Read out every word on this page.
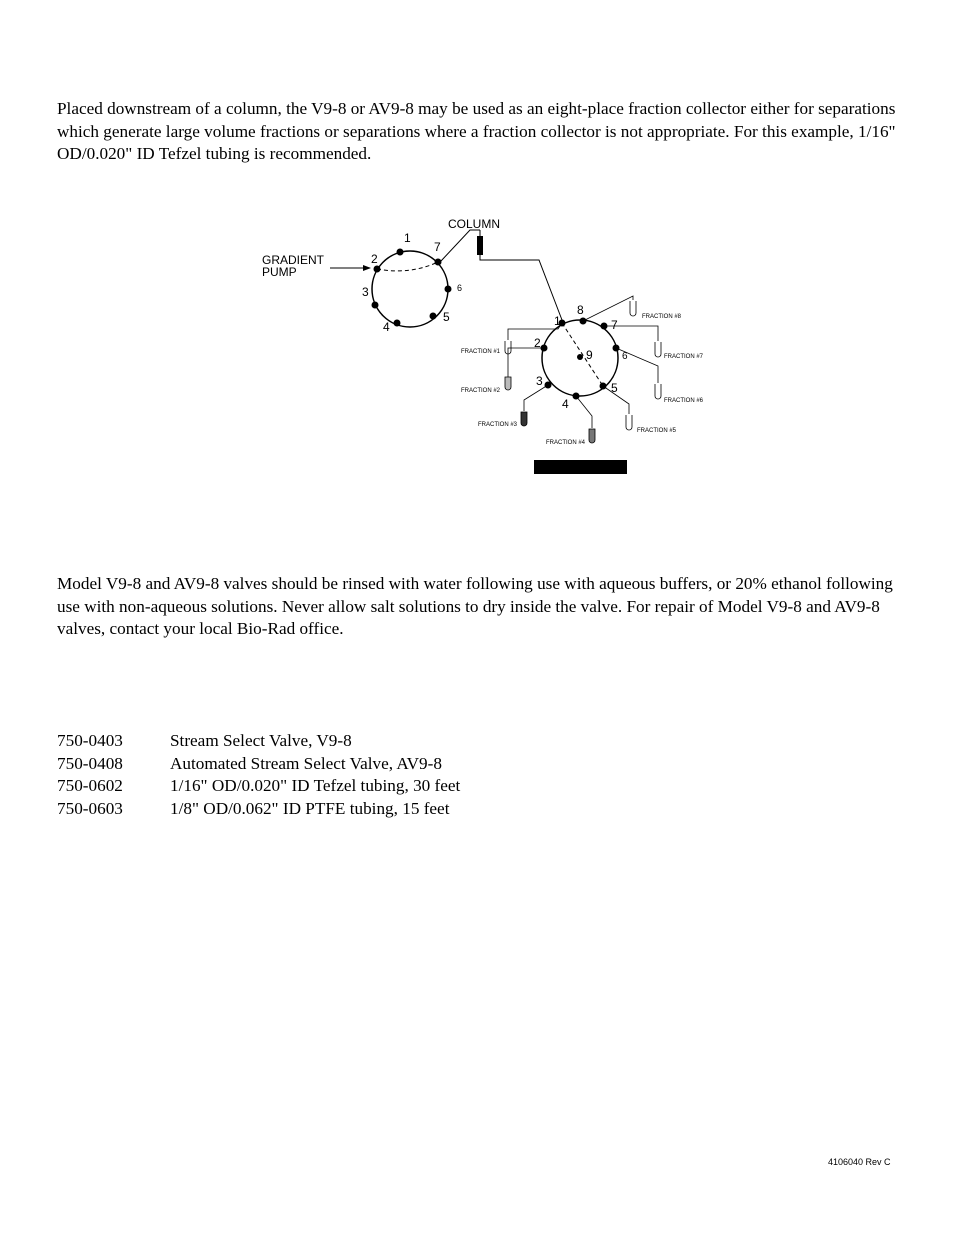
Placed downstream of a column, the V9-8 or AV9-8 may be used as an eight-place fraction collector either for separations which generate large volume fractions or separations where a fraction collector is not appropriate. For this example, 1/16" OD/0.020" ID Tefzel tubing is recommended.

COLUMN
GRADIENT
PUMP
1
2
3
4
5
6
7
1
2
3
4
5
6
7
8
9
FRACTION #1
FRACTION #2
FRACTION #3
FRACTION #4
FRACTION #5
FRACTION #6
FRACTION #7
FRACTION #8

Model V9-8 and AV9-8 valves should be rinsed with water following use with aqueous buffers, or 20% ethanol following use with non-aqueous solutions. Never allow salt solutions to dry inside the valve. For repair of Model V9-8 and AV9-8 valves, contact your local Bio-Rad office.

750-0403	Stream Select Valve, V9-8
750-0408	Automated Stream Select Valve, AV9-8
750-0602	1/16" OD/0.020" ID Tefzel tubing, 30 feet
750-0603	1/8" OD/0.062" ID PTFE tubing, 15 feet
4106040 Rev C
